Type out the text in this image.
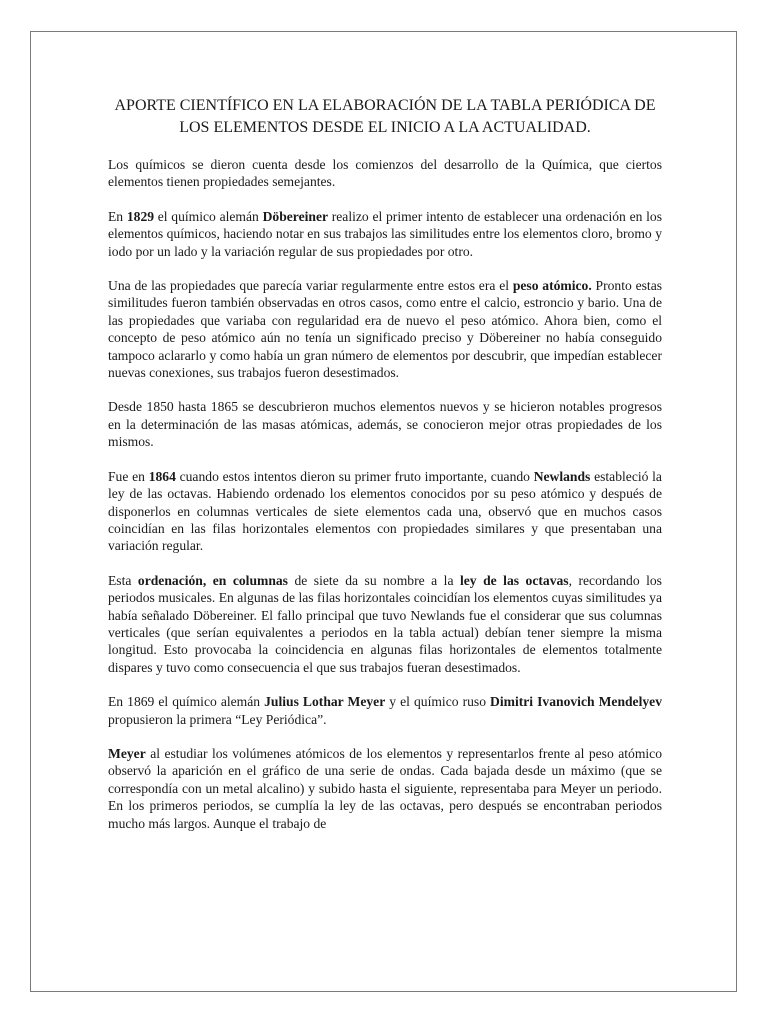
APORTE CIENTÍFICO EN LA ELABORACIÓN DE LA TABLA PERIÓDICA DE LOS ELEMENTOS DESDE EL INICIO A LA ACTUALIDAD.

Los químicos se dieron cuenta desde los comienzos del desarrollo de la Química, que ciertos elementos tienen propiedades semejantes.

En 1829 el químico alemán Döbereiner realizo el primer intento de establecer una ordenación en los elementos químicos, haciendo notar en sus trabajos las similitudes entre los elementos cloro, bromo y iodo por un lado y la variación regular de sus propiedades por otro.

Una de las propiedades que parecía variar regularmente entre estos era el peso atómico. Pronto estas similitudes fueron también observadas en otros casos, como entre el calcio, estroncio y bario. Una de las propiedades que variaba con regularidad era de nuevo el peso atómico. Ahora bien, como el concepto de peso atómico aún no tenía un significado preciso y Döbereiner no había conseguido tampoco aclararlo y como había un gran número de elementos por descubrir, que impedían establecer nuevas conexiones, sus trabajos fueron desestimados.

Desde 1850 hasta 1865 se descubrieron muchos elementos nuevos y se hicieron notables progresos en la determinación de las masas atómicas, además, se conocieron mejor otras propiedades de los mismos.

Fue en 1864 cuando estos intentos dieron su primer fruto importante, cuando Newlands estableció la ley de las octavas. Habiendo ordenado los elementos conocidos por su peso atómico y después de disponerlos en columnas verticales de siete elementos cada una, observó que en muchos casos coincidían en las filas horizontales elementos con propiedades similares y que presentaban una variación regular.

Esta ordenación, en columnas de siete da su nombre a la ley de las octavas, recordando los periodos musicales. En algunas de las filas horizontales coincidían los elementos cuyas similitudes ya había señalado Döbereiner. El fallo principal que tuvo Newlands fue el considerar que sus columnas verticales (que serían equivalentes a periodos en la tabla actual) debían tener siempre la misma longitud. Esto provocaba la coincidencia en algunas filas horizontales de elementos totalmente dispares y tuvo como consecuencia el que sus trabajos fueran desestimados.

En 1869 el químico alemán Julius Lothar Meyer y el químico ruso Dimitri Ivanovich Mendelyev propusieron la primera “Ley Periódica”.

Meyer al estudiar los volúmenes atómicos de los elementos y representarlos frente al peso atómico observó la aparición en el gráfico de una serie de ondas. Cada bajada desde un máximo (que se correspondía con un metal alcalino) y subido hasta el siguiente, representaba para Meyer un periodo. En los primeros periodos, se cumplía la ley de las octavas, pero después se encontraban periodos mucho más largos. Aunque el trabajo de
